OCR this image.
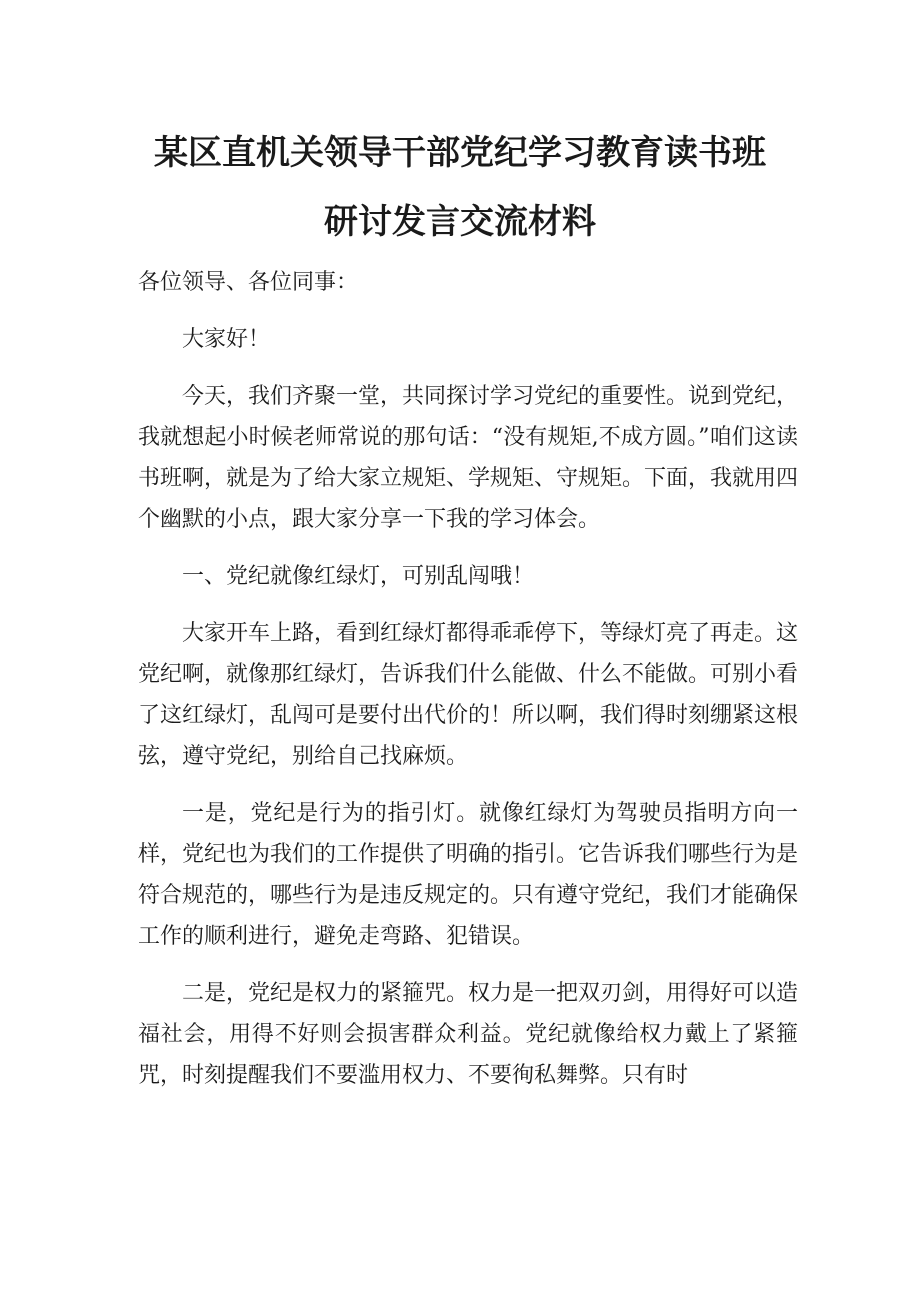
某区直机关领导干部党纪学习教育读书班
研讨发言交流材料

各位领导、各位同事：

大家好！

今天，我们齐聚一堂，共同探讨学习党纪的重要性。说到党纪，我就想起小时候老师常说的那句话：“没有规矩,不成方圆。”咱们这读书班啊，就是为了给大家立规矩、学规矩、守规矩。下面，我就用四个幽默的小点，跟大家分享一下我的学习体会。

一、党纪就像红绿灯，可别乱闯哦！

大家开车上路，看到红绿灯都得乖乖停下，等绿灯亮了再走。这党纪啊，就像那红绿灯，告诉我们什么能做、什么不能做。可别小看了这红绿灯，乱闯可是要付出代价的！所以啊，我们得时刻绷紧这根弦，遵守党纪，别给自己找麻烦。

一是，党纪是行为的指引灯。就像红绿灯为驾驶员指明方向一样，党纪也为我们的工作提供了明确的指引。它告诉我们哪些行为是符合规范的，哪些行为是违反规定的。只有遵守党纪，我们才能确保工作的顺利进行，避免走弯路、犯错误。

二是，党纪是权力的紧箍咒。权力是一把双刃剑，用得好可以造福社会，用得不好则会损害群众利益。党纪就像给权力戴上了紧箍咒，时刻提醒我们不要滥用权力、不要徇私舞弊。只有时
